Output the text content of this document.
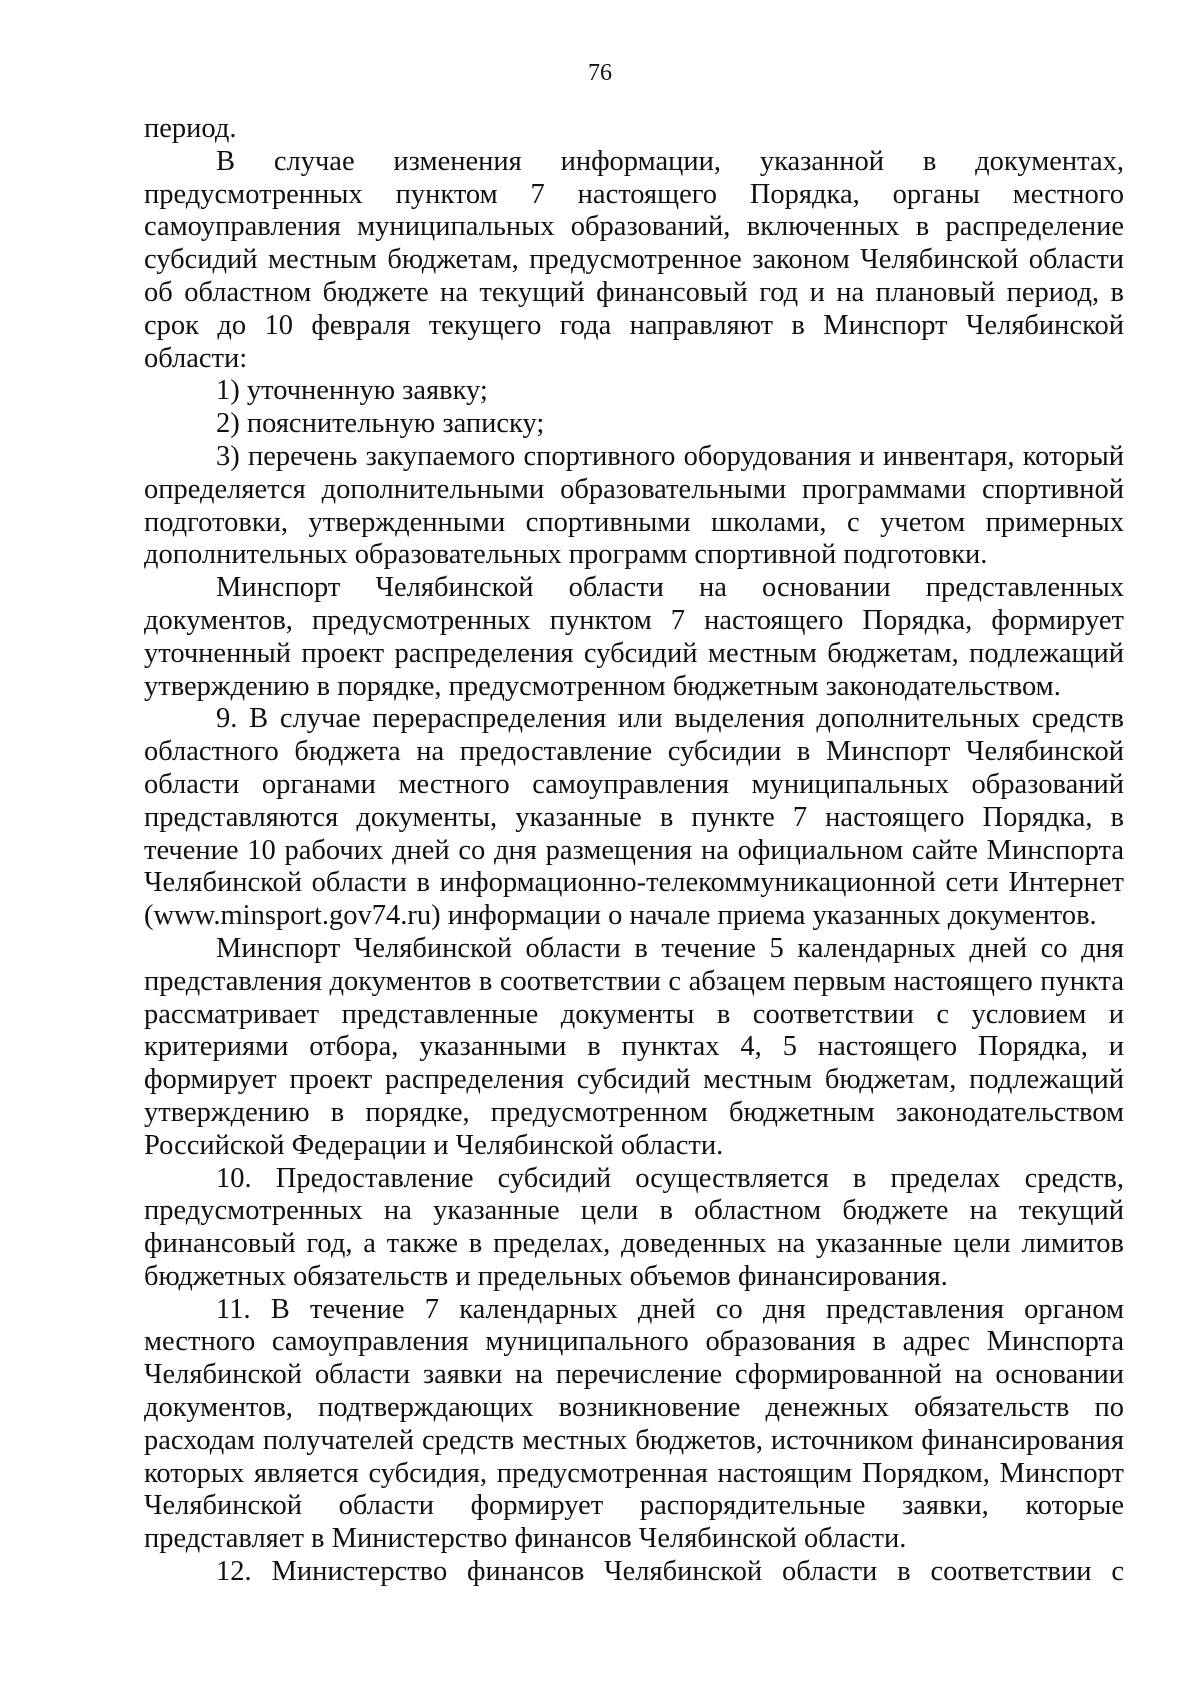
76

период.

В случае изменения информации, указанной в документах, предусмотренных пунктом 7 настоящего Порядка, органы местного самоуправления муниципальных образований, включенных в распределение субсидий местным бюджетам, предусмотренное законом Челябинской области об областном бюджете на текущий финансовый год и на плановый период, в срок до 10 февраля текущего года направляют в Минспорт Челябинской области:

1) уточненную заявку;

2) пояснительную записку;

3) перечень закупаемого спортивного оборудования и инвентаря, который определяется дополнительными образовательными программами спортивной подготовки, утвержденными спортивными школами, с учетом примерных дополнительных образовательных программ спортивной подготовки.

Минспорт Челябинской области на основании представленных документов, предусмотренных пунктом 7 настоящего Порядка, формирует уточненный проект распределения субсидий местным бюджетам, подлежащий утверждению в порядке, предусмотренном бюджетным законодательством.

9. В случае перераспределения или выделения дополнительных средств областного бюджета на предоставление субсидии в Минспорт Челябинской области органами местного самоуправления муниципальных образований представляются документы, указанные в пункте 7 настоящего Порядка, в течение 10 рабочих дней со дня размещения на официальном сайте Минспорта Челябинской области в информационно-телекоммуникационной сети Интернет (www.minsport.gov74.ru) информации о начале приема указанных документов.

Минспорт Челябинской области в течение 5 календарных дней со дня представления документов в соответствии с абзацем первым настоящего пункта рассматривает представленные документы в соответствии с условием и критериями отбора, указанными в пунктах 4, 5 настоящего Порядка, и формирует проект распределения субсидий местным бюджетам, подлежащий утверждению в порядке, предусмотренном бюджетным законодательством Российской Федерации и Челябинской области.

10. Предоставление субсидий осуществляется в пределах средств, предусмотренных на указанные цели в областном бюджете на текущий финансовый год, а также в пределах, доведенных на указанные цели лимитов бюджетных обязательств и предельных объемов финансирования.

11. В течение 7 календарных дней со дня представления органом местного самоуправления муниципального образования в адрес Минспорта Челябинской области заявки на перечисление сформированной на основании документов, подтверждающих возникновение денежных обязательств по расходам получателей средств местных бюджетов, источником финансирования которых является субсидия, предусмотренная настоящим Порядком, Минспорт Челябинской области формирует распорядительные заявки, которые представляет в Министерство финансов Челябинской области.

12. Министерство финансов Челябинской области в соответствии с
